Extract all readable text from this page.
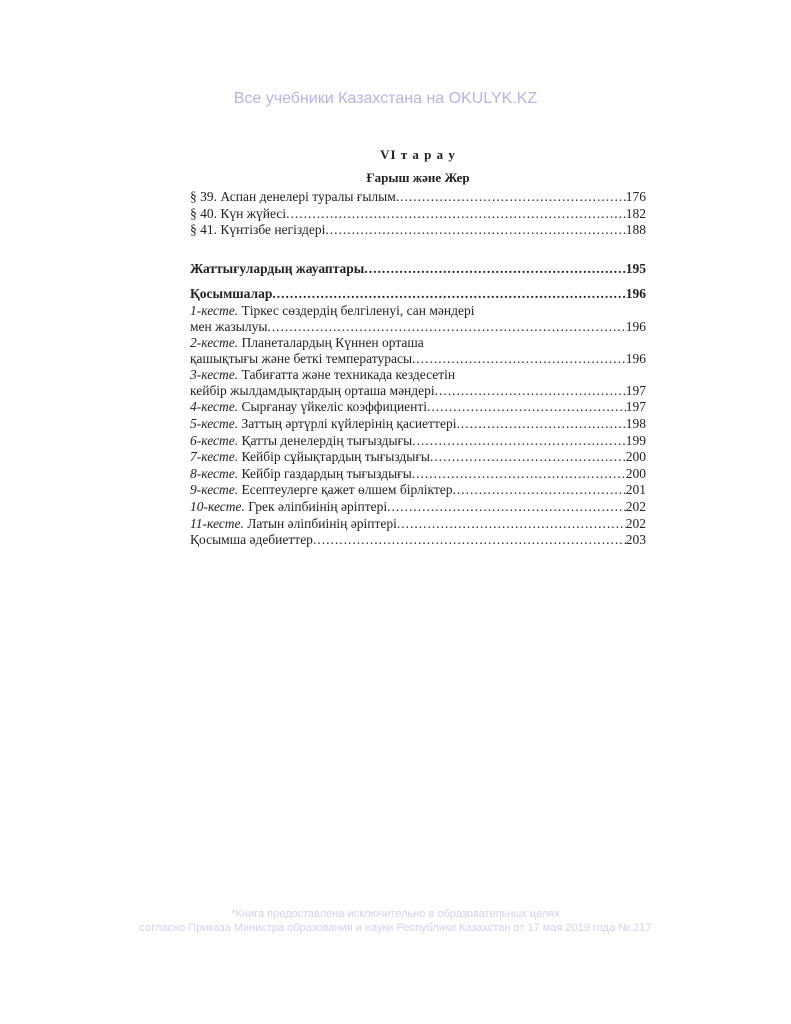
Все учебники Казахстана на OKULYK.KZ
VI т а р а у
Ғарыш және Жер
§ 39. Аспан денелері туралы ғылым .....	176
§ 40. Күн жүйесі .....	182
§ 41. Күнтізбе негіздері .....	188
Жаттығулардың жауаптары .....	195
Қосымшалар .....	196
1-кесте. Тіркес сөздердің белгіленуі, сан мәндері
мен жазылуы .....	196
2-кесте. Планеталардың Күннен орташа
қашықтығы және беткі температурасы .....	196
3-кесте. Табиғатта және техникада кездесетін
кейбір жылдамдықтардың орташа мәндері .....	197
4-кесте. Сырғанау үйкеліс коэффициенті .....	197
5-кесте. Заттың әртүрлі күйлерінің қасиеттері .....	198
6-кесте. Қатты денелердің тығыздығы .....	199
7-кесте. Кейбір сұйықтардың тығыздығы .....	200
8-кесте. Кейбір газдардың тығыздығы .....	200
9-кесте. Есептеулерге қажет өлшем бірліктер .....	201
10-кесте. Грек әліпбиінің әріптері .....	202
11-кесте. Латын әліпбиінің әріптері .....	202
Қосымша әдебиеттер .....	203
*Книга предоставлена исключительно в образовательных целях
согласно Приказа Министра образования и науки Республики Казахстан от 17 мая 2019 года № 217
